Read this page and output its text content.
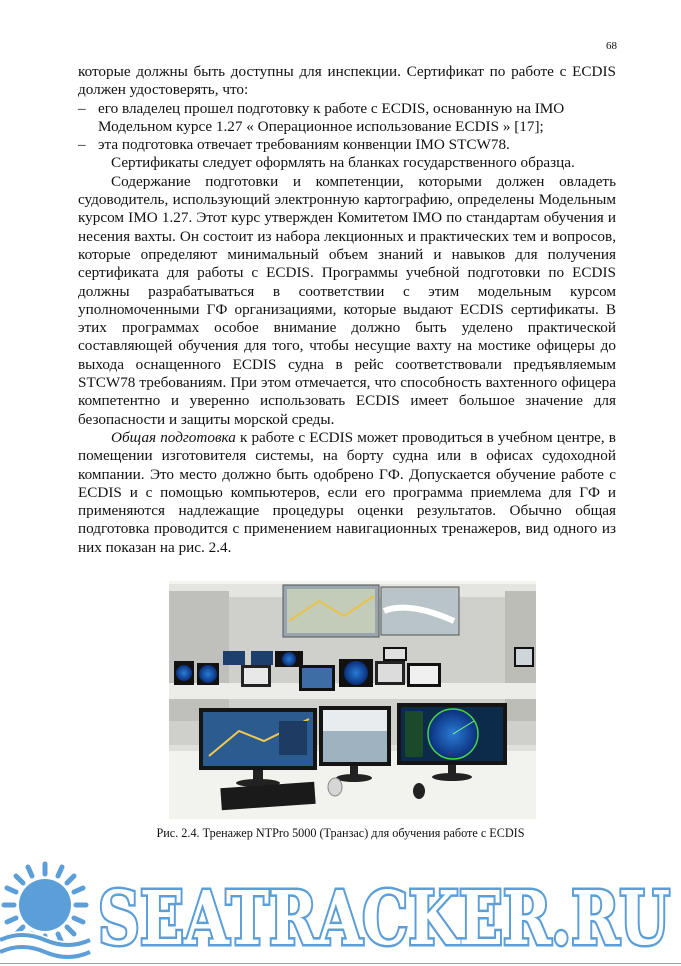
68

которые должны быть доступны для инспекции. Сертификат по работе с ECDIS должен удостоверять, что:

– его владелец прошел подготовку к работе с ECDIS, основанную на IMO Модельном курсе 1.27 « Операционное использование ECDIS » [17];
– эта подготовка отвечает требованиям конвенции IMO STCW78.

Сертификаты следует оформлять на бланках государственного образца.

Содержание подготовки и компетенции, которыми должен овладеть судоводитель, использующий электронную картографию, определены Модельным курсом IMO 1.27. Этот курс утвержден Комитетом IMO по стандартам обучения и несения вахты. Он состоит из набора лекционных и практических тем и вопросов, которые определяют минимальный объем знаний и навыков для получения сертификата для работы с ECDIS. Программы учебной подготовки по ECDIS должны разрабатываться в соответствии с этим модельным курсом уполномоченными ГФ организациями, которые выдают ECDIS сертификаты. В этих программах особое внимание должно быть уделено практической составляющей обучения для того, чтобы несущие вахту на мостике офицеры до выхода оснащенного ECDIS судна в рейс соответствовали предъявляемым STCW78 требованиям. При этом отмечается, что способность вахтенного офицера компетентно и уверенно использовать ECDIS имеет большое значение для безопасности и защиты морской среды.

Общая подготовка к работе с ECDIS может проводиться в учебном центре, в помещении изготовителя системы, на борту судна или в офисах судоходной компании. Это место должно быть одобрено ГФ. Допускается обучение работе с ECDIS и с помощью компьютеров, если его программа приемлема для ГФ и применяются надлежащие процедуры оценки результатов. Обычно общая подготовка проводится с применением навигационных тренажеров, вид одного из них показан на рис. 2.4.

Рис. 2.4. Тренажер NTPro 5000 (Транзас) для обучения работе с ECDIS
SEATRACKER.RU
